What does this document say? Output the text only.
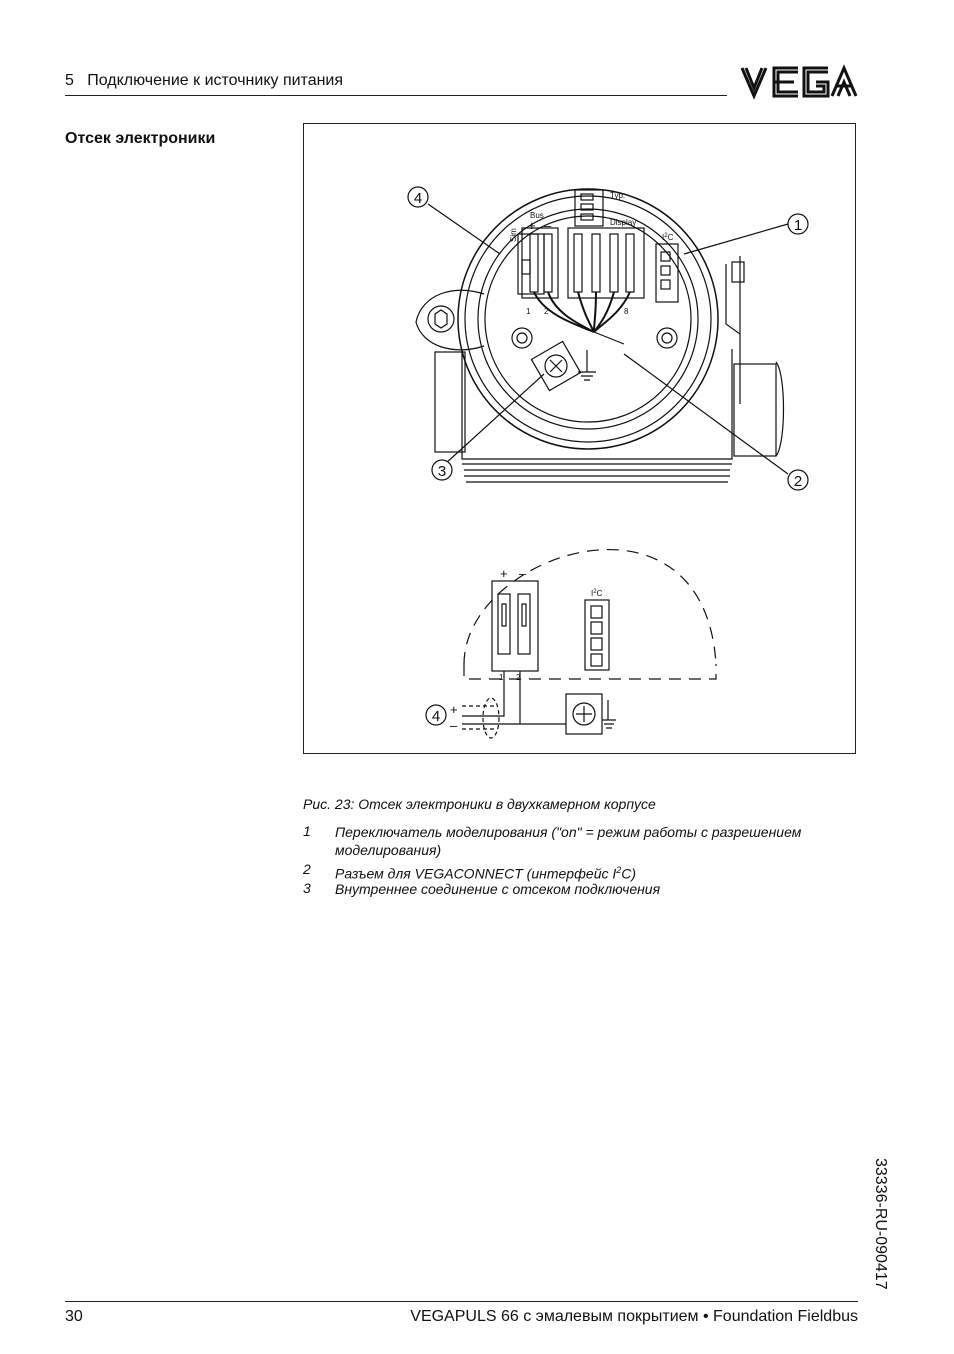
5   Подключение к источнику питания
Отсек электроники
Typ:
Display
Bus
Sim	$I^2C$
1 2	8
$I^2C$
1 2
+ –
+ –
+
–
4
1
3
2
4
Рис. 23: Отсек электроники в двухкамерном корпусе
1 Переключатель моделирования ("on" = режим работы с разрешением моделирования)
2 Разъем для VEGACONNECT (интерфейс $I^2C$)
3 Внутреннее соединение с отсеком подключения
33336-RU-090417
30	VEGAPULS 66 с эмалевым покрытием • Foundation Fieldbus
